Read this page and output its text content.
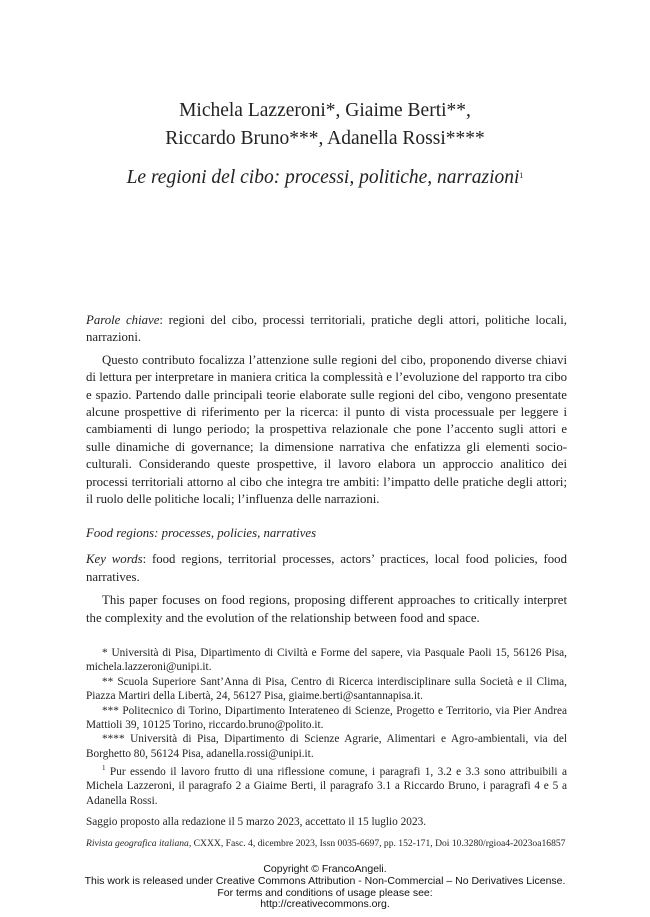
Michela Lazzeroni*, Giaime Berti**,
Riccardo Bruno***, Adanella Rossi****
Le regioni del cibo: processi, politiche, narrazioni$^1$

Parole chiave: regioni del cibo, processi territoriali, pratiche degli attori, politiche locali, narrazioni.

Questo contributo focalizza l’attenzione sulle regioni del cibo, proponendo diverse chiavi di lettura per interpretare in maniera critica la complessità e l’evoluzione del rapporto tra cibo e spazio. Partendo dalle principali teorie elaborate sulle regioni del cibo, vengono presentate alcune prospettive di riferimento per la ricerca: il punto di vista processuale per leggere i cambiamenti di lungo periodo; la prospettiva relazionale che pone l’accento sugli attori e sulle dinamiche di governance; la dimensione narrativa che enfatizza gli elementi socio-culturali. Considerando queste prospettive, il lavoro elabora un approccio analitico dei processi territoriali attorno al cibo che integra tre ambiti: l’impatto delle pratiche degli attori; il ruolo delle politiche locali; l’influenza delle narrazioni.

Food regions: processes, policies, narratives

Key words: food regions, territorial processes, actors’ practices, local food policies, food narratives.

This paper focuses on food regions, proposing different approaches to critically interpret the complexity and the evolution of the relationship between food and space.

* Università di Pisa, Dipartimento di Civiltà e Forme del sapere, via Pasquale Paoli 15, 56126 Pisa, michela.lazzeroni@unipi.it.

** Scuola Superiore Sant’Anna di Pisa, Centro di Ricerca interdisciplinare sulla Società e il Clima, Piazza Martiri della Libertà, 24, 56127 Pisa, giaime.berti@santannapisa.it.

*** Politecnico di Torino, Dipartimento Interateneo di Scienze, Progetto e Territorio, via Pier Andrea Mattioli 39, 10125 Torino, riccardo.bruno@polito.it.

**** Università di Pisa, Dipartimento di Scienze Agrarie, Alimentari e Agro-ambientali, via del Borghetto 80, 56124 Pisa, adanella.rossi@unipi.it.

$^1$ Pur essendo il lavoro frutto di una riflessione comune, i paragrafi 1, 3.2 e 3.3 sono attribuibili a Michela Lazzeroni, il paragrafo 2 a Giaime Berti, il paragrafo 3.1 a Riccardo Bruno, i paragrafi 4 e 5 a Adanella Rossi.

Saggio proposto alla redazione il 5 marzo 2023, accettato il 15 luglio 2023.

Rivista geografica italiana, CXXX, Fasc. 4, dicembre 2023, Issn 0035-6697, pp. 152-171, Doi 10.3280/rgioa4-2023oa16857
Copyright © FrancoAngeli.
This work is released under Creative Commons Attribution - Non-Commercial – No Derivatives License.
For terms and conditions of usage please see:
http://creativecommons.org.
